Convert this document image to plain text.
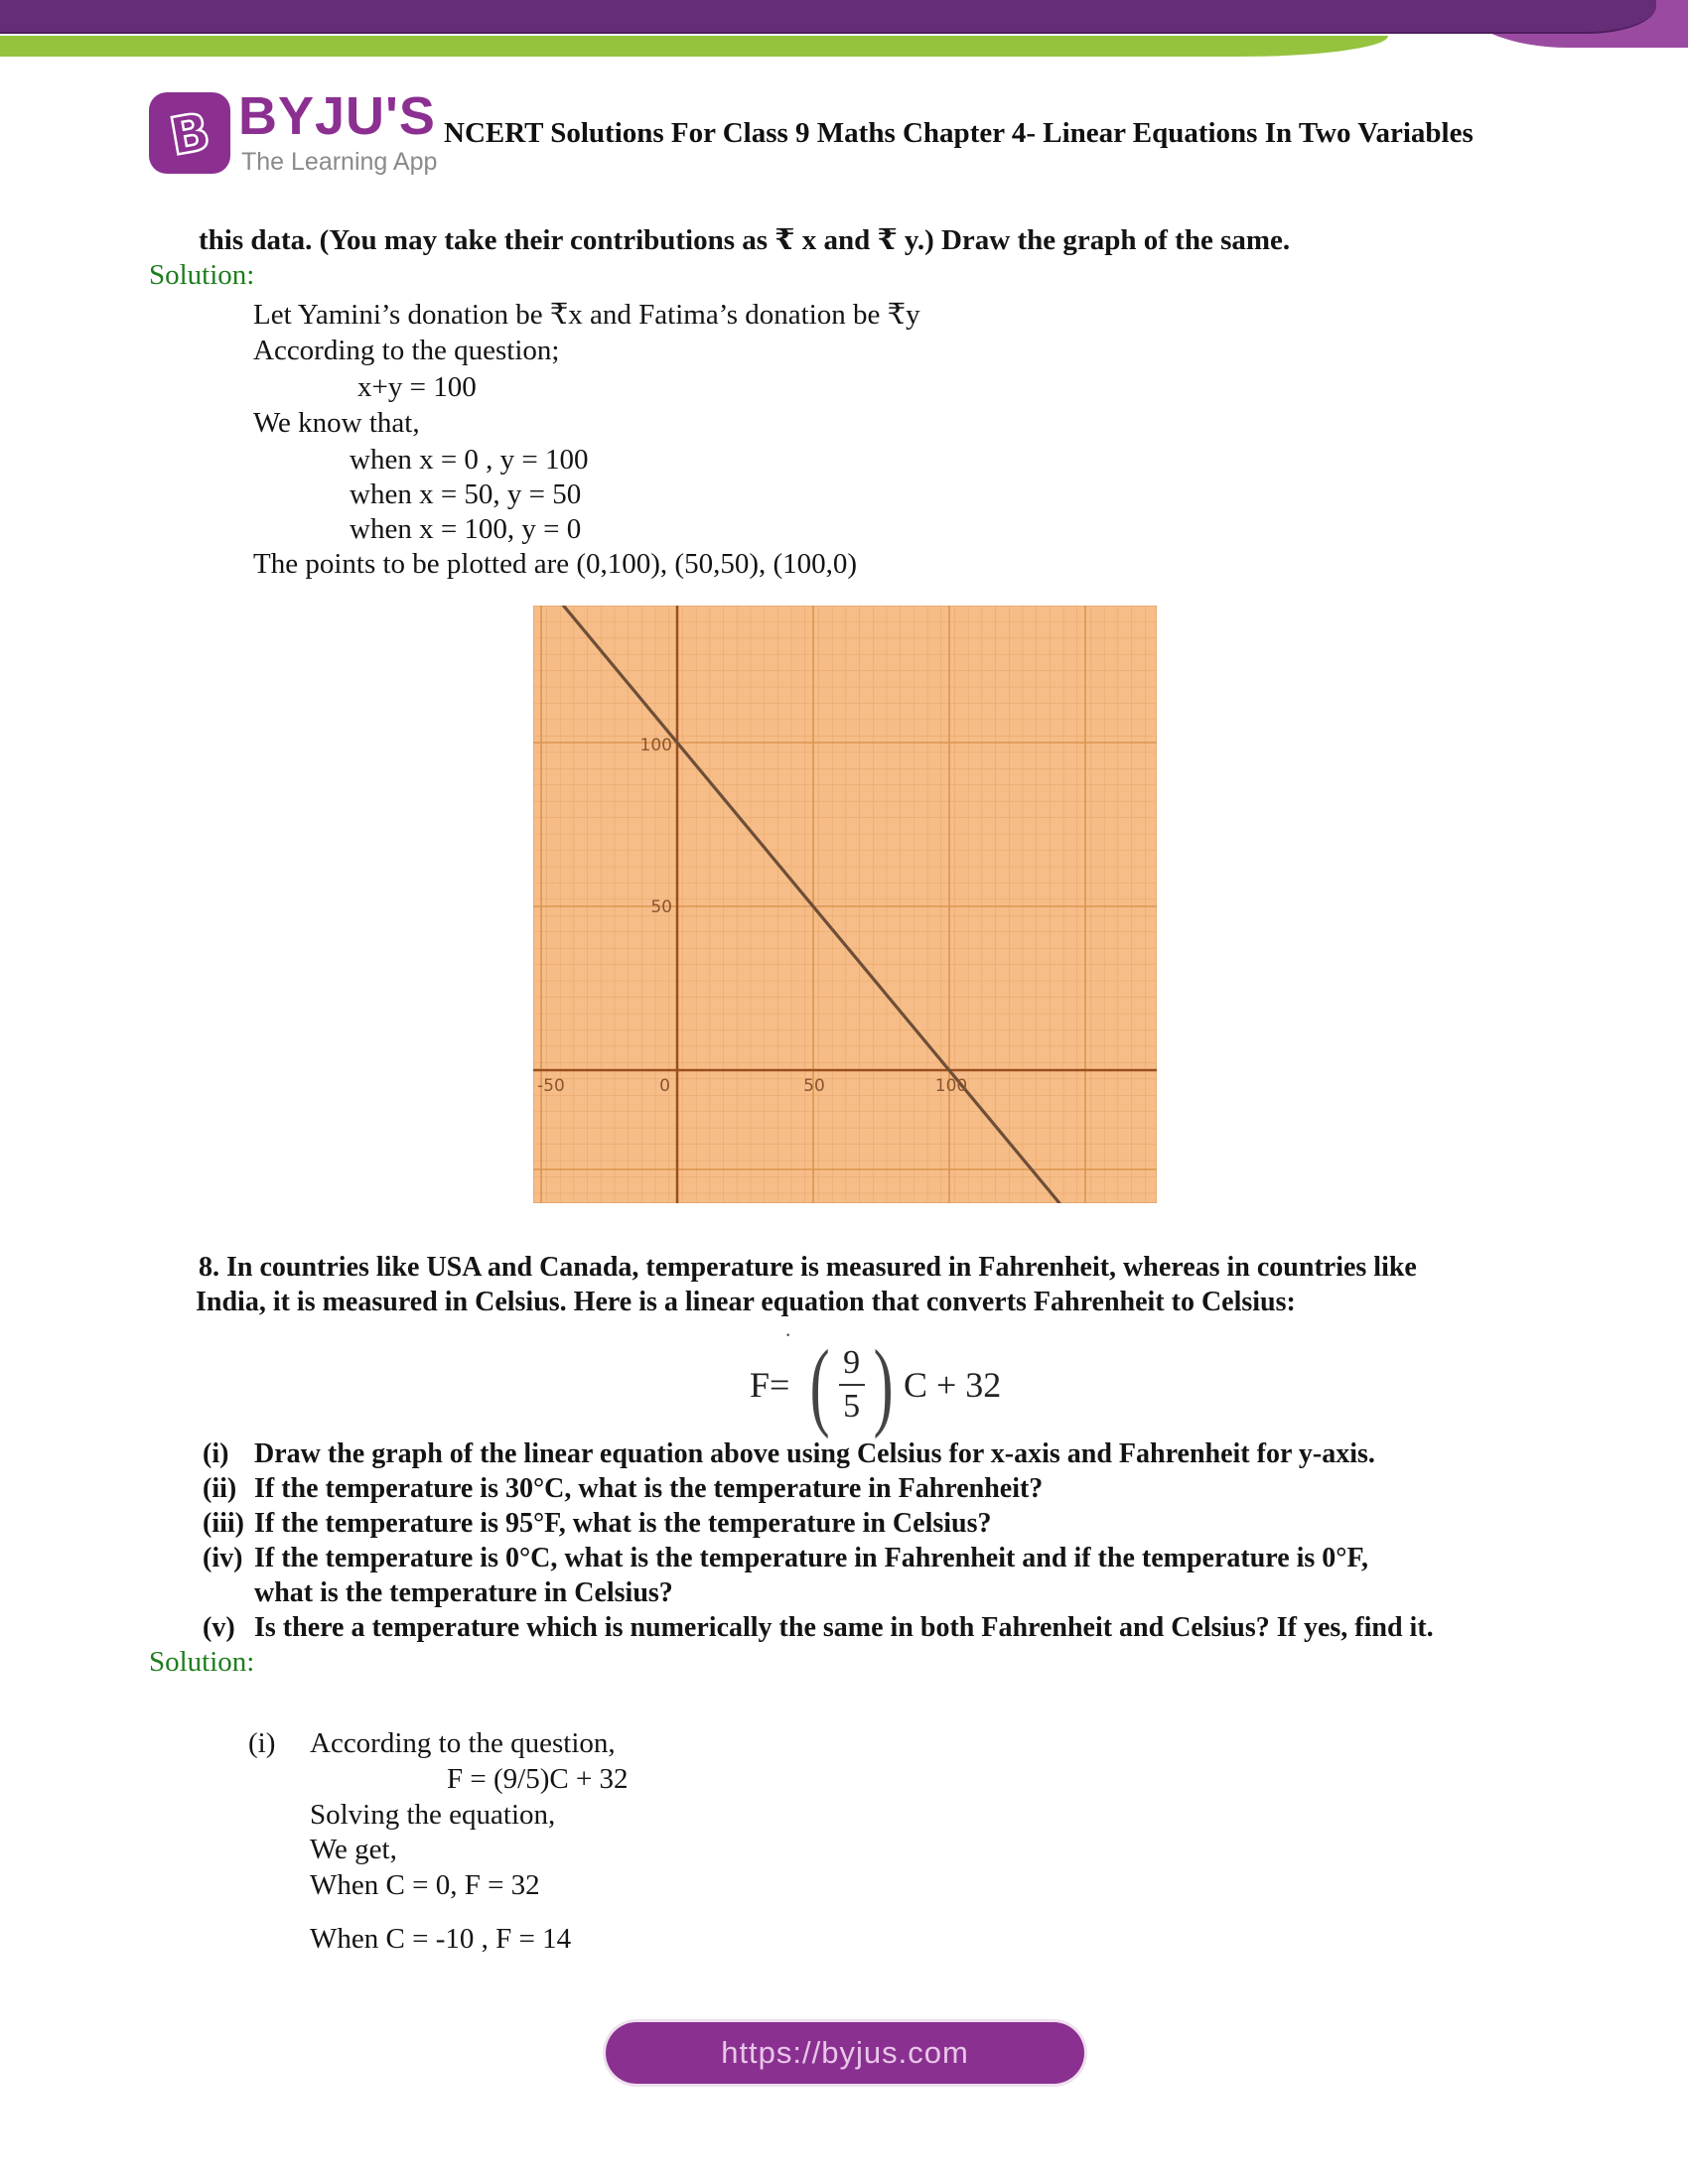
B BYJU'S
The Learning App
NCERT Solutions For Class 9 Maths Chapter 4- Linear Equations In Two Variables
this data. (You may take their contributions as ₹ x and ₹ y.) Draw the graph of the same.
Solution:
Let Yamini’s donation be ₹x and Fatima’s donation be ₹y
According to the question;
x+y = 100
We know that,
when x = 0 , y = 100
when x = 50, y = 50
when x = 100, y = 0
The points to be plotted are (0,100), (50,50), (100,0)
100
50
-50	0	50	100
8. In countries like USA and Canada, temperature is measured in Fahrenheit, whereas in countries like
India, it is measured in Celsius. Here is a linear equation that converts Fahrenheit to Celsius:
·
F= ( $\frac{9}{5}$ ) C + 32
(i) Draw the graph of the linear equation above using Celsius for x-axis and Fahrenheit for y-axis.
(ii) If the temperature is 30°C, what is the temperature in Fahrenheit?
(iii) If the temperature is 95°F, what is the temperature in Celsius?
(iv) If the temperature is 0°C, what is the temperature in Fahrenheit and if the temperature is 0°F,
what is the temperature in Celsius?
(v) Is there a temperature which is numerically the same in both Fahrenheit and Celsius? If yes, find it.
Solution:
(i) According to the question,
F = (9/5)C + 32
Solving the equation,
We get,
When C = 0, F = 32
When C = -10 , F = 14
https://byjus.com
